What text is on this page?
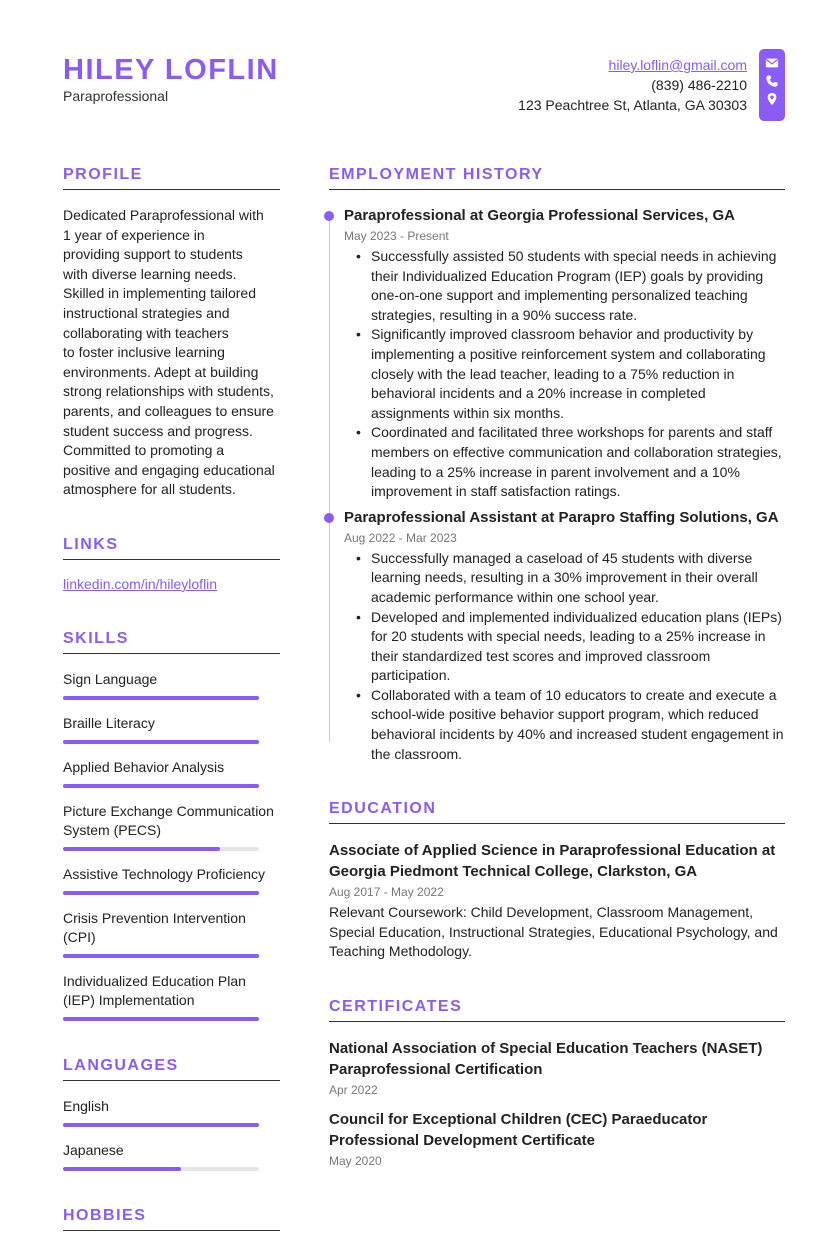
HILEY LOFLIN
Paraprofessional
hiley.loflin@gmail.com
(839) 486-2210
123 Peachtree St, Atlanta, GA 30303
PROFILE
Dedicated Paraprofessional with
1 year of experience in
providing support to students
with diverse learning needs.
Skilled in implementing tailored
instructional strategies and
collaborating with teachers
to foster inclusive learning
environments. Adept at building
strong relationships with students,
parents, and colleagues to ensure
student success and progress.
Committed to promoting a
positive and engaging educational
atmosphere for all students.
LINKS
linkedin.com/in/hileyloflin
SKILLS
Sign Language
Braille Literacy
Applied Behavior Analysis
Picture Exchange Communication System (PECS)
Assistive Technology Proficiency
Crisis Prevention Intervention (CPI)
Individualized Education Plan (IEP) Implementation
LANGUAGES
English
Japanese
HOBBIES
EMPLOYMENT HISTORY
Paraprofessional at Georgia Professional Services, GA
May 2023 - Present
• Successfully assisted 50 students with special needs in achieving their Individualized Education Program (IEP) goals by providing one-on-one support and implementing personalized teaching strategies, resulting in a 90% success rate.
• Significantly improved classroom behavior and productivity by implementing a positive reinforcement system and collaborating closely with the lead teacher, leading to a 75% reduction in behavioral incidents and a 20% increase in completed assignments within six months.
• Coordinated and facilitated three workshops for parents and staff members on effective communication and collaboration strategies, leading to a 25% increase in parent involvement and a 10% improvement in staff satisfaction ratings.
Paraprofessional Assistant at Parapro Staffing Solutions, GA
Aug 2022 - Mar 2023
• Successfully managed a caseload of 45 students with diverse learning needs, resulting in a 30% improvement in their overall academic performance within one school year.
• Developed and implemented individualized education plans (IEPs) for 20 students with special needs, leading to a 25% increase in their standardized test scores and improved classroom participation.
• Collaborated with a team of 10 educators to create and execute a school-wide positive behavior support program, which reduced behavioral incidents by 40% and increased student engagement in the classroom.
EDUCATION
Associate of Applied Science in Paraprofessional Education at Georgia Piedmont Technical College, Clarkston, GA
Aug 2017 - May 2022
Relevant Coursework: Child Development, Classroom Management, Special Education, Instructional Strategies, Educational Psychology, and Teaching Methodology.
CERTIFICATES
National Association of Special Education Teachers (NASET) Paraprofessional Certification
Apr 2022
Council for Exceptional Children (CEC) Paraeducator Professional Development Certificate
May 2020
